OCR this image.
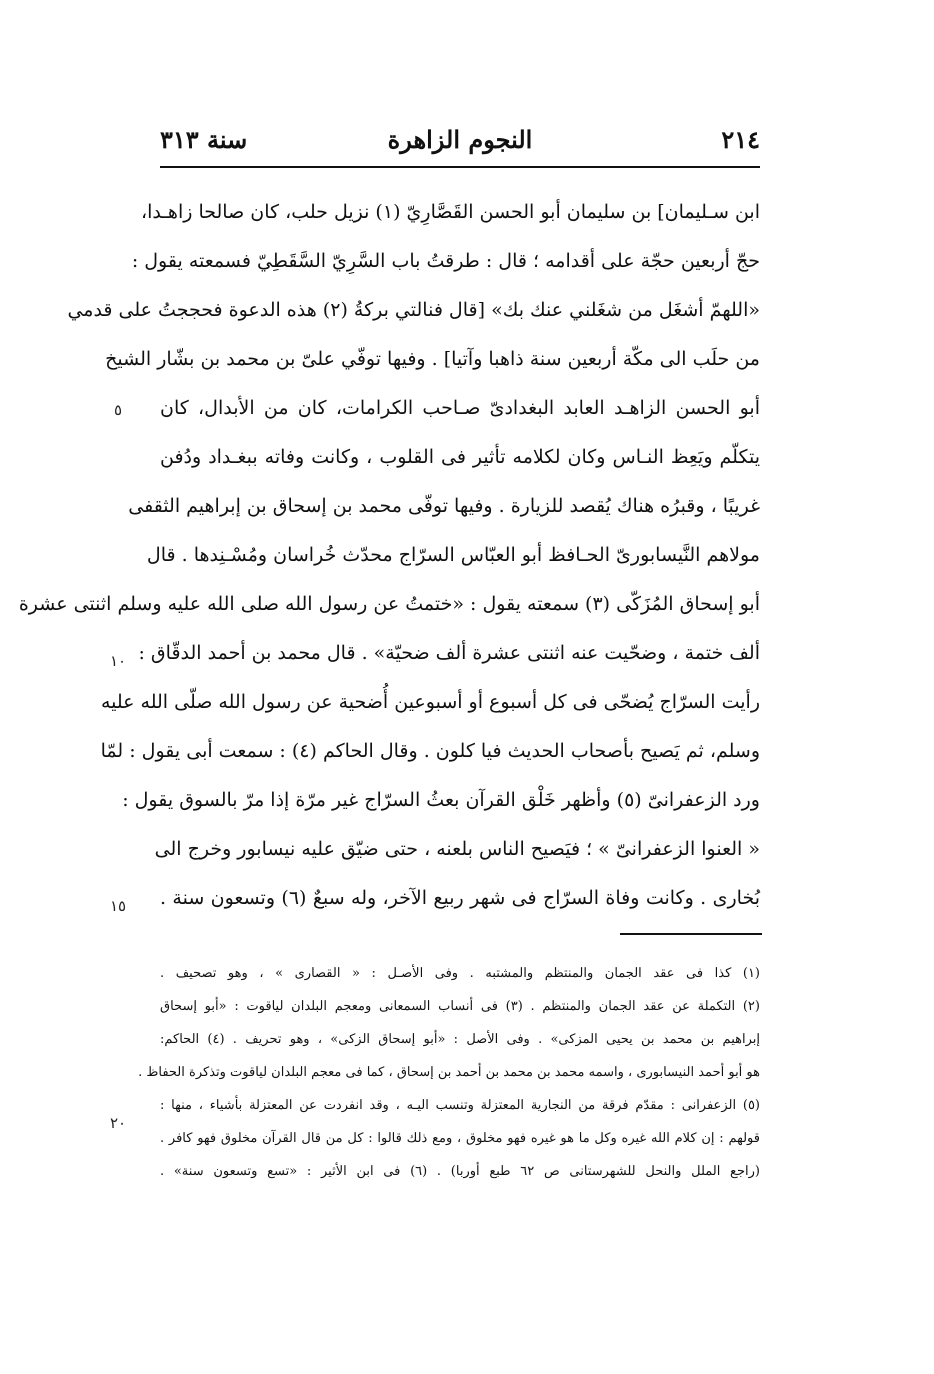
٢١٤
النجوم الزاهرة
سنة ٣١٣
ابن سـليمان] بن سليمان أبو الحسن القَصَّارِيّ (١) نزيل حلب، كان صالحا زاهـدا،
حجّ أربعين حجّة على أقدامه ؛ قال : طرقتُ باب السَّرِيّ السَّقَطِيّ فسمعته يقول :
«اللهمّ أشغَل من شغَلني عنك بك» [قال فنالتي بركةُ (٢) هذه الدعوة فحججتُ على قدمي
من حلَب الى مكّة أربعين سنة ذاهبا وآتيا] . وفيها توفّي علىّ بن محمد بن بشّار الشيخ
أبو الحسن الزاهـد العابد البغدادىّ صـاحب الكرامات، كان من الأبدال، كان
يتكلّم ويَعِظ النـاس وكان لكلامه تأثير فى القلوب ، وكانت وفاته ببغـداد ودُفن
غريبًا ، وقبرُه هناك يُقصد للزيارة . وفيها توفّى محمد بن إسحاق بن إبراهيم الثقفى
مولاهم النَّيسابورىّ الحـافظ أبو العبّاس السرّاج محدّث خُراسان ومُسْـنِدها . قال
أبو إسحاق المُزَكّى (٣) سمعته يقول : «ختمتُ عن رسول الله صلى الله عليه وسلم اثنتى عشرة
ألف ختمة ، وضحّيت عنه اثنتى عشرة ألف ضحيّة» . قال محمد بن أحمد الدقّاق :
رأيت السرّاج يُضحّى فى كل أسبوع أو أسبوعين أُضحية عن رسول الله صلّى الله عليه
وسلم، ثم يَصيح بأصحاب الحديث فيا كلون . وقال الحاكم (٤) : سمعت أبى يقول : لمّا
ورد الزعفرانىّ (٥) وأظهر خَلْق القرآن بعثُ السرّاج غير مرّة إذا مرّ بالسوق يقول :
« العنوا الزعفرانىّ » ؛ فيَصيح الناس بلعنه ، حتى ضيّق عليه نيسابور وخرج الى
بُخارى . وكانت وفاة السرّاج فى شهر ربيع الآخر، وله سبعٌ (٦) وتسعون سنة .
٥
١٠
١٥
٢٠
(١) كذا فى عقد الجمان والمنتظم والمشتبه . وفى الأصـل : « القصارى » ، وهو تصحيف .
(٢) التكملة عن عقد الجمان والمنتظم . (٣) فى أنساب السمعانى ومعجم البلدان لياقوت : «أبو إسحاق
إبراهيم بن محمد بن يحيى المزكى» . وفى الأصل : «أبو إسحاق الزكى» ، وهو تحريف . (٤) الحاكم:
هو أبو أحمد النيسابورى ، واسمه محمد بن محمد بن أحمد بن إسحاق ، كما فى معجم البلدان لياقوت وتذكرة الحفاظ .
(٥) الزعفرانى : مقدّم فرقة من النجارية المعتزلة وتنسب اليـه ، وقد انفردت عن المعتزلة بأشياء ، منها :
قولهم : إن كلام الله غيره وكل ما هو غيره فهو مخلوق ، ومع ذلك قالوا : كل من قال القرآن مخلوق فهو كافر .
(راجع الملل والنحل للشهرستانى ص ٦٢ طبع أوربا) . (٦) فى ابن الأثير : «تسع وتسعون سنة» .
